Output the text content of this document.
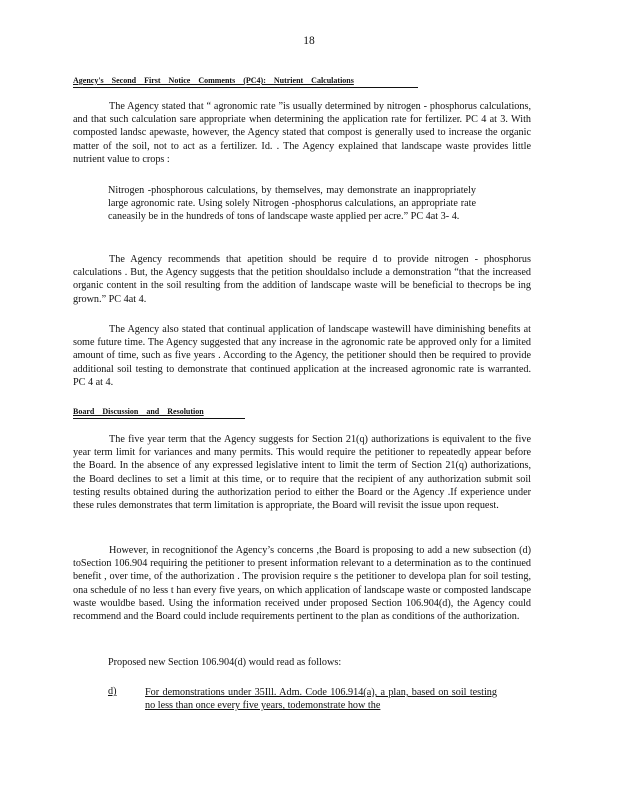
18
Agency's Second First Notice Comments (PC4): Nutrient Calculations
The Agency stated that “ agronomic rate ”is usually determined by nitrogen - phosphorus calculations, and that such calculation sare appropriate when determining the application rate for fertilizer. PC 4 at 3. With composted landsc apewaste, however, the Agency stated that compost is generally used to increase the organic matter of the soil, not to act as a fertilizer. Id. . The Agency explained that landscape waste provides little nutrient value to crops :
Nitrogen -phosphorous calculations, by themselves, may demonstrate an inappropriately large agronomic rate. Using solely Nitrogen -phosphorus calculations, an appropriate rate caneasily be in the hundreds of tons of landscape waste applied per acre.” PC 4at 3- 4.
The Agency recommends that apetition should be require d to provide nitrogen - phosphorus calculations . But, the Agency suggests that the petition shouldalso include a demonstration “that the increased organic content in the soil resulting from the addition of landscape waste will be beneficial to thecrops be ing grown.” PC 4at 4.
The Agency also stated that continual application of landscape wastewill have diminishing benefits at some future time. The Agency suggested that any increase in the agronomic rate be approved only for a limited amount of time, such as five years . According to the Agency, the petitioner should then be required to provide additional soil testing to demonstrate that continued application at the increased agronomic rate is warranted. PC 4 at 4.
Board Discussion and Resolution
The five year term that the Agency suggests for Section 21(q) authorizations is equivalent to the five year term limit for variances and many permits. This would require the petitioner to repeatedly appear before the Board. In the absence of any expressed legislative intent to limit the term of Section 21(q) authorizations, the Board declines to set a limit at this time, or to require that the recipient of any authorization submit soil testing results obtained during the authorization period to either the Board or the Agency .If experience under these rules demonstrates that term limitation is appropriate, the Board will revisit the issue upon request.
However, in recognitionof the Agency’s concerns ,the Board is proposing to add a new subsection (d) toSection 106.904 requiring the petitioner to present information relevant to a determination as to the continued benefit , over time, of the authorization . The provision require s the petitioner to developa plan for soil testing, ona schedule of no less t han every five years, on which application of landscape waste or composted landscape waste wouldbe based. Using the information received under proposed Section 106.904(d), the Agency could recommend and the Board could include requirements pertinent to the plan as conditions of the authorization.
Proposed new Section 106.904(d) would read as follows:
d)	For demonstrations under 35Ill. Adm. Code 106.914(a), a plan, based on soil testing no less than once every five years, todemonstrate how the
